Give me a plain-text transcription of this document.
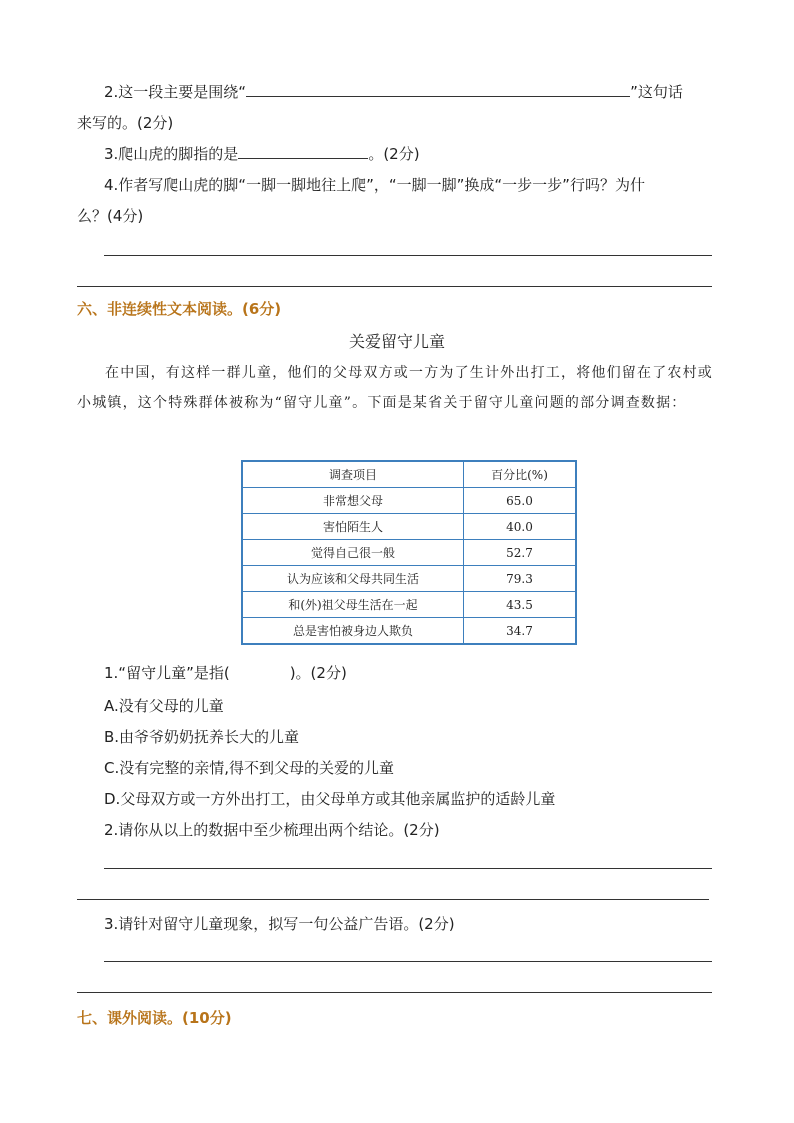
2.这一段主要是围绕“	”这句话
来写的。(2分)
3.爬山虎的脚指的是	。(2分)
4.作者写爬山虎的脚“一脚一脚地往上爬”，“一脚一脚”换成“一步一步”行吗？为什
么？(4分)
六、非连续性文本阅读。(6分)
关爱留守儿童
在中国，有这样一群儿童，他们的父母双方或一方为了生计外出打工，将他们留在了农村或小城镇，这个特殊群体被称为“留守儿童”。下面是某省关于留守儿童问题的部分调查数据：
调查项目	百分比(%)
非常想父母	65.0
害怕陌生人	40.0
觉得自己很一般	52.7
认为应该和父母共同生活	79.3
和(外)祖父母生活在一起	43.5
总是害怕被身边人欺负	34.7
1.“留守儿童”是指(　　　　)。(2分)
A.没有父母的儿童
B.由爷爷奶奶抚养长大的儿童
C.没有完整的亲情,得不到父母的关爱的儿童
D.父母双方或一方外出打工，由父母单方或其他亲属监护的适龄儿童
2.请你从以上的数据中至少梳理出两个结论。(2分)
3.请针对留守儿童现象，拟写一句公益广告语。(2分)
七、课外阅读。(10分)
